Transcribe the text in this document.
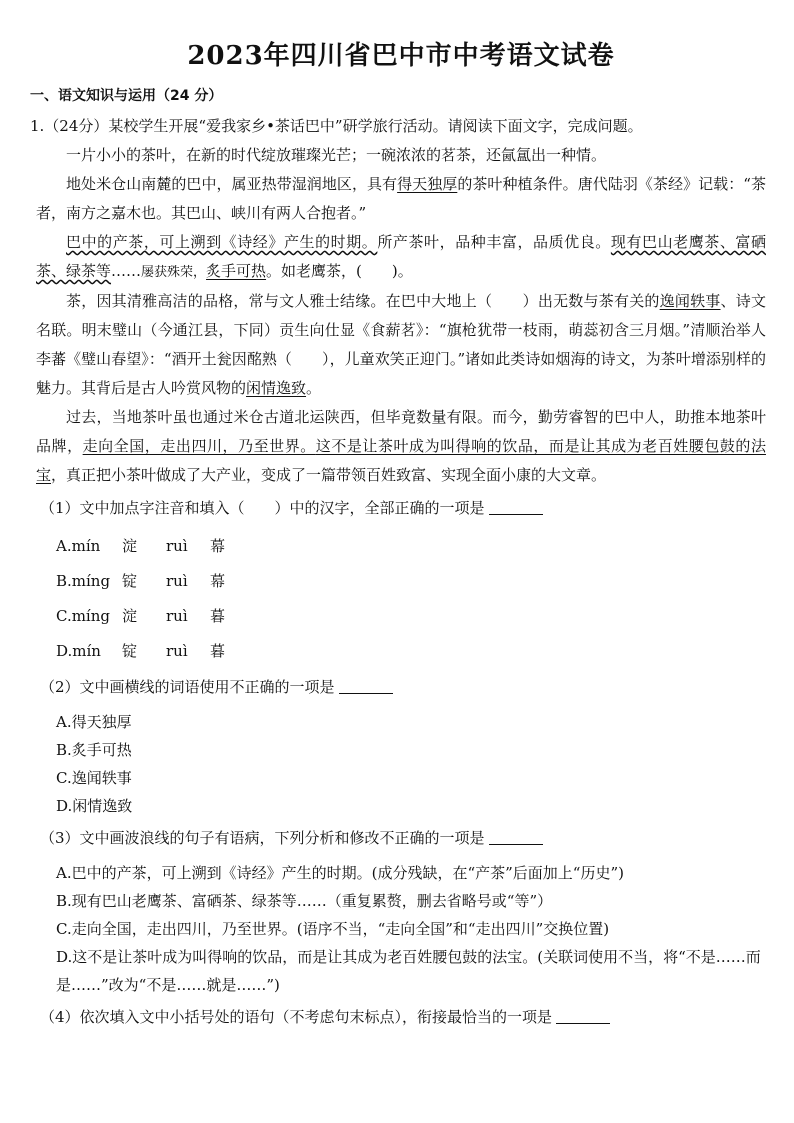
2023年四川省巴中市中考语文试卷
一、语文知识与运用（24 分）
1.（24分）某校学生开展“爱我家乡•茶话巴中”研学旅行活动。请阅读下面文字，完成问题。

一片小小的茶叶，在新的时代绽放璀璨光芒；一碗浓浓的茗茶，还氤氲出一种情。

地处米仓山南麓的巴中，属亚热带湿润地区，具有得天独厚的茶叶种植条件。唐代陆羽《茶经》记载：“茶者，南方之嘉木也。其巴山、峡川有两人合抱者。”

巴中的产茶，可上溯到《诗经》产生的时期。所产茶叶，品种丰富，品质优良。现有巴山老鹰茶、富硒茶、绿茶等……屡获殊荣，炙手可热。如老鹰茶，(　　)。

茶，因其清雅高洁的品格，常与文人雅士结缘。在巴中大地上（　　）出无数与茶有关的逸闻轶事、诗文名联。明末璧山（今通江县，下同）贡生向仕显《食薪茗》：“旗枪犹带一枝雨，萌蕊初含三月烟。”清顺治举人李蕃《璧山春望》：“酒开土瓮因酩熟（　　），儿童欢笑正迎门。”诸如此类诗如烟海的诗文，为茶叶增添别样的魅力。其背后是古人吟赏风物的闲情逸致。

过去，当地茶叶虽也通过米仓古道北运陕西，但毕竟数量有限。而今，勤劳睿智的巴中人，助推本地茶叶品牌，走向全国，走出四川，乃至世界。这不是让茶叶成为叫得响的饮品，而是让其成为老百姓腰包鼓的法宝，真正把小茶叶做成了大产业，变成了一篇带领百姓致富、实现全面小康的大文章。

（1）文中加点字注音和填入（　　）中的汉字，全部正确的一项是
A.mín 淀 ruì 幕
B.míng 锭 ruì 幕
C.míng 淀 ruì 暮
D.mín 锭 ruì 暮
（2）文中画横线的词语使用不正确的一项是
A.得天独厚
B.炙手可热
C.逸闻轶事
D.闲情逸致
（3）文中画波浪线的句子有语病，下列分析和修改不正确的一项是
A.巴中的产茶，可上溯到《诗经》产生的时期。(成分残缺，在“产茶”后面加上“历史”)
B.现有巴山老鹰茶、富硒茶、绿茶等……（重复累赘，删去省略号或“等”）
C.走向全国，走出四川，乃至世界。(语序不当，“走向全国”和“走出四川”交换位置)
D.这不是让茶叶成为叫得响的饮品，而是让其成为老百姓腰包鼓的法宝。(关联词使用不当，将“不是……而是……”改为“不是……就是……”)
（4）依次填入文中小括号处的语句（不考虑句末标点），衔接最恰当的一项是
